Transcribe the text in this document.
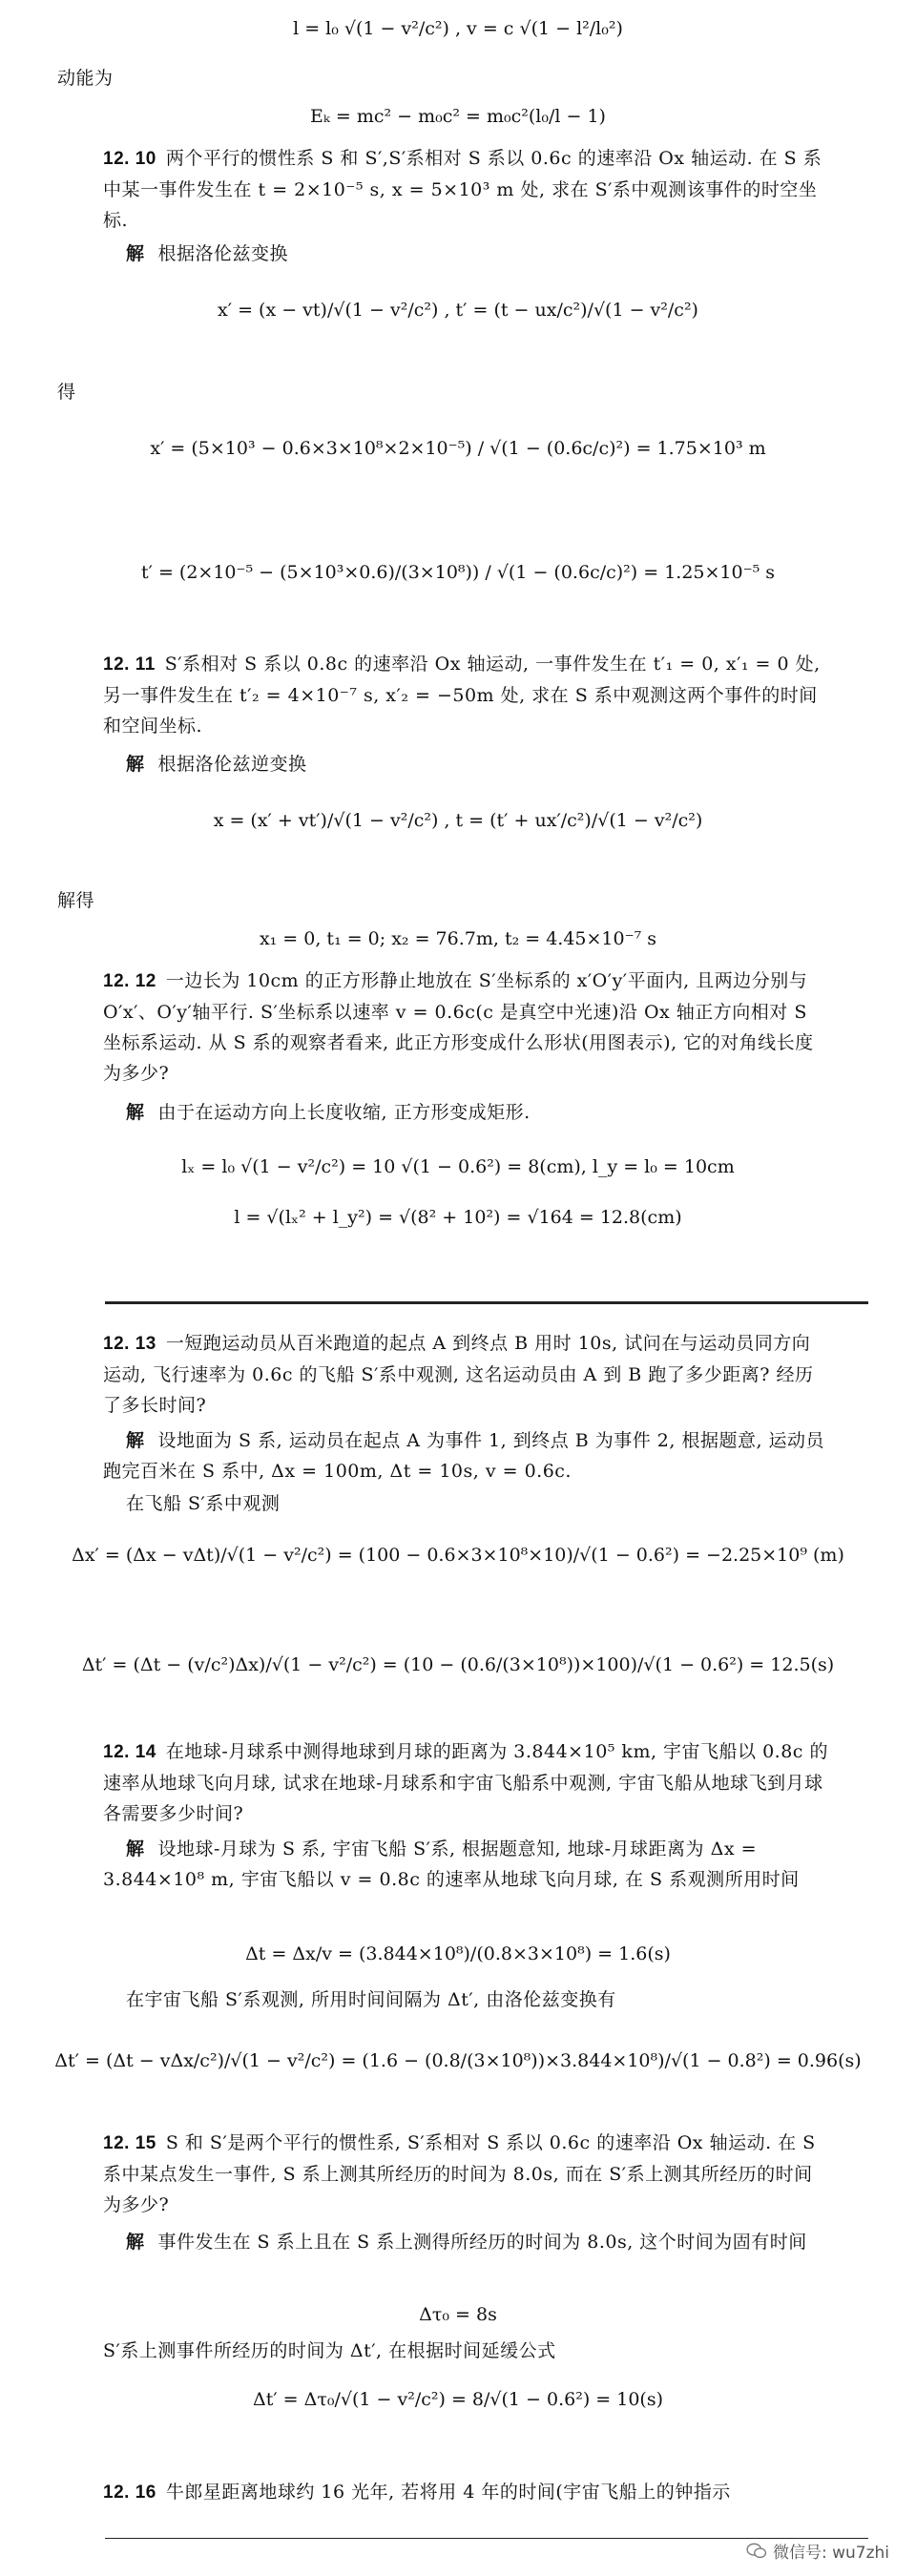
l = l₀ √(1 − v²/c²) , v = c √(1 − l²/l₀²)
动能为
Eₖ = mc² − m₀c² = m₀c²(l₀/l − 1)
12. 10 两个平行的惯性系 S 和 S′,S′系相对 S 系以 0.6c 的速率沿 Ox 轴运动. 在 S 系中某一事件发生在 t = 2×10⁻⁵ s, x = 5×10³ m 处, 求在 S′系中观测该事件的时空坐标.
解 根据洛伦兹变换
x′ = (x − vt)/√(1 − v²/c²) , t′ = (t − ux/c²)/√(1 − v²/c²)
得
x′ = (5×10³ − 0.6×3×10⁸×2×10⁻⁵) / √(1 − (0.6c/c)²) = 1.75×10³ m
t′ = (2×10⁻⁵ − (5×10³×0.6)/(3×10⁸)) / √(1 − (0.6c/c)²) = 1.25×10⁻⁵ s
12. 11 S′系相对 S 系以 0.8c 的速率沿 Ox 轴运动, 一事件发生在 t′₁ = 0, x′₁ = 0 处, 另一事件发生在 t′₂ = 4×10⁻⁷ s, x′₂ = −50m 处, 求在 S 系中观测这两个事件的时间和空间坐标.
解 根据洛伦兹逆变换
x = (x′ + vt′)/√(1 − v²/c²) , t = (t′ + ux′/c²)/√(1 − v²/c²)
解得
x₁ = 0, t₁ = 0; x₂ = 76.7m, t₂ = 4.45×10⁻⁷ s
12. 12 一边长为 10cm 的正方形静止地放在 S′坐标系的 x′O′y′平面内, 且两边分别与 O′x′、O′y′轴平行. S′坐标系以速率 v = 0.6c(c 是真空中光速)沿 Ox 轴正方向相对 S 坐标系运动. 从 S 系的观察者看来, 此正方形变成什么形状(用图表示), 它的对角线长度为多少?
解 由于在运动方向上长度收缩, 正方形变成矩形.
lₓ = l₀ √(1 − v²/c²) = 10 √(1 − 0.6²) = 8(cm), l_y = l₀ = 10cm
l = √(lₓ² + l_y²) = √(8² + 10²) = √164 = 12.8(cm)
12. 13 一短跑运动员从百米跑道的起点 A 到终点 B 用时 10s, 试问在与运动员同方向运动, 飞行速率为 0.6c 的飞船 S′系中观测, 这名运动员由 A 到 B 跑了多少距离? 经历了多长时间?
解 设地面为 S 系, 运动员在起点 A 为事件 1, 到终点 B 为事件 2, 根据题意, 运动员跑完百米在 S 系中, Δx = 100m, Δt = 10s, v = 0.6c.
在飞船 S′系中观测
Δx′ = (Δx − vΔt)/√(1 − v²/c²) = (100 − 0.6×3×10⁸×10)/√(1 − 0.6²) = −2.25×10⁹ (m)
Δt′ = (Δt − (v/c²)Δx)/√(1 − v²/c²) = (10 − (0.6/(3×10⁸))×100)/√(1 − 0.6²) = 12.5(s)
12. 14 在地球-月球系中测得地球到月球的距离为 3.844×10⁵ km, 宇宙飞船以 0.8c 的速率从地球飞向月球, 试求在地球-月球系和宇宙飞船系中观测, 宇宙飞船从地球飞到月球各需要多少时间?
解 设地球-月球为 S 系, 宇宙飞船 S′系, 根据题意知, 地球-月球距离为 Δx = 3.844×10⁸ m, 宇宙飞船以 v = 0.8c 的速率从地球飞向月球, 在 S 系观测所用时间
Δt = Δx/v = (3.844×10⁸)/(0.8×3×10⁸) = 1.6(s)
在宇宙飞船 S′系观测, 所用时间间隔为 Δt′, 由洛伦兹变换有
Δt′ = (Δt − vΔx/c²)/√(1 − v²/c²) = (1.6 − (0.8/(3×10⁸))×3.844×10⁸)/√(1 − 0.8²) = 0.96(s)
12. 15 S 和 S′是两个平行的惯性系, S′系相对 S 系以 0.6c 的速率沿 Ox 轴运动. 在 S 系中某点发生一事件, S 系上测其所经历的时间为 8.0s, 而在 S′系上测其所经历的时间为多少?
解 事件发生在 S 系上且在 S 系上测得所经历的时间为 8.0s, 这个时间为固有时间
Δτ₀ = 8s
S′系上测事件所经历的时间为 Δt′, 在根据时间延缓公式
Δt′ = Δτ₀/√(1 − v²/c²) = 8/√(1 − 0.6²) = 10(s)
12. 16 牛郎星距离地球约 16 光年, 若将用 4 年的时间(宇宙飞船上的钟指示
微信号: wu7zhi
